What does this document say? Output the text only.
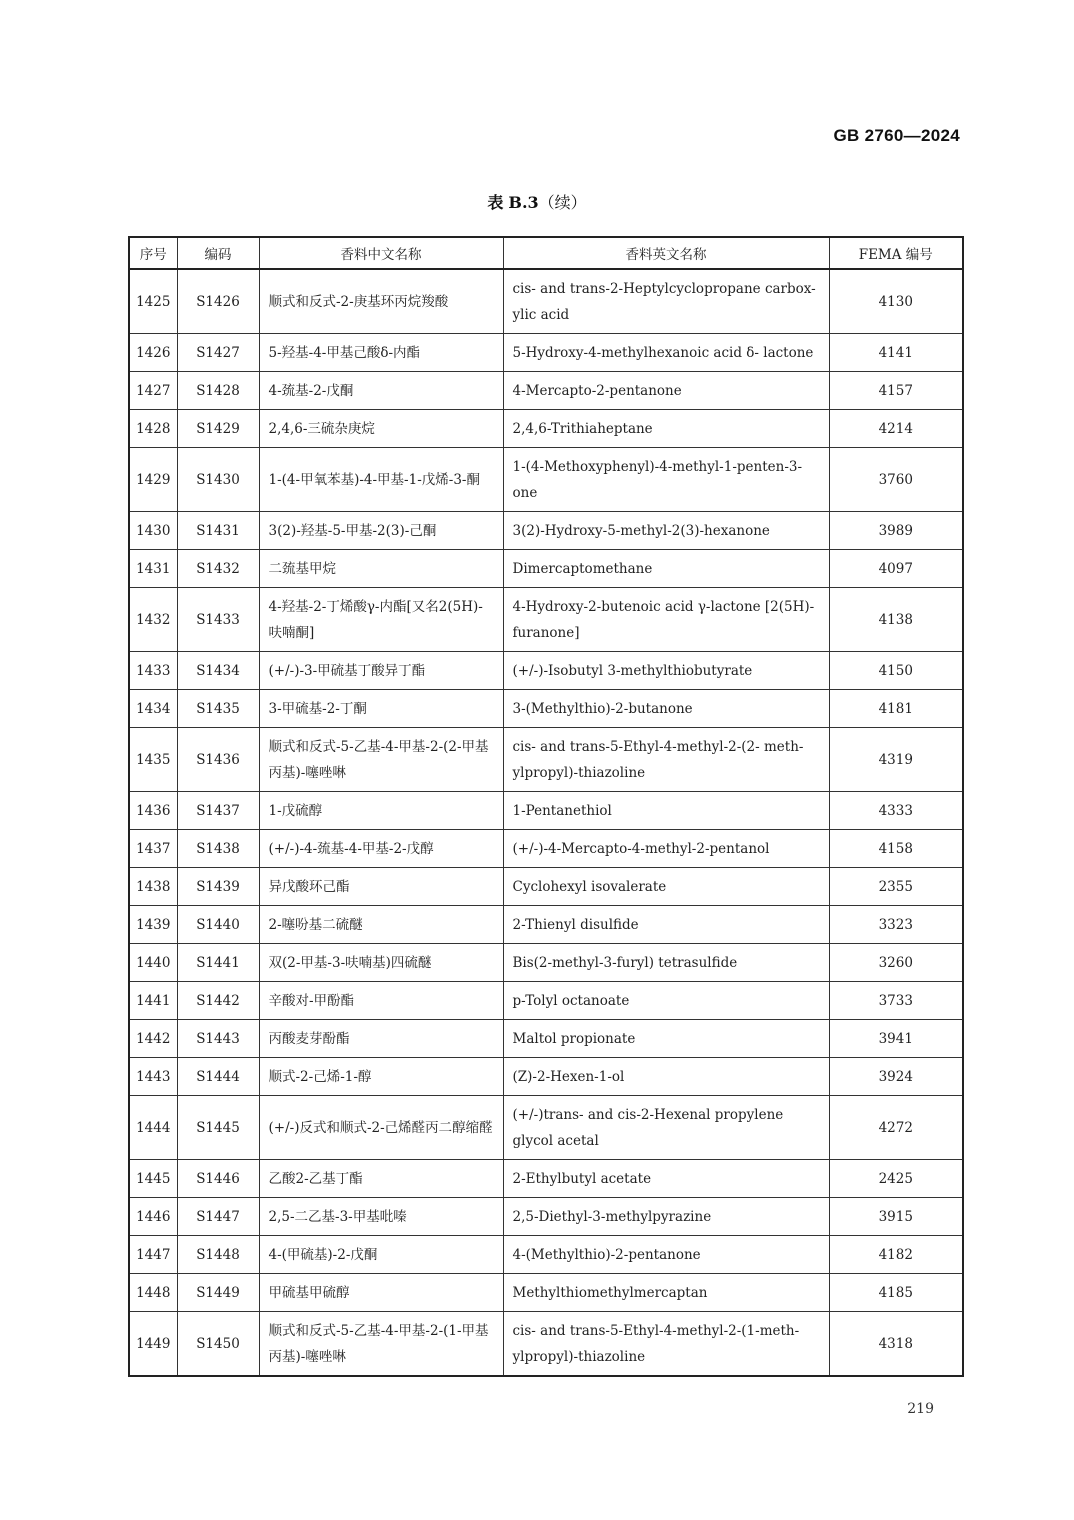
GB 2760—2024
表 B.3（续）
序号	编码	香料中文名称	香料英文名称	FEMA 编号
1425	S1426	顺式和反式-2-庚基环丙烷羧酸	cis- and trans-2-Heptylcyclopropane carbox-ylic acid	4130
1426	S1427	5-羟基-4-甲基己酸δ-内酯	5-Hydroxy-4-methylhexanoic acid δ- lactone	4141
1427	S1428	4-巯基-2-戊酮	4-Mercapto-2-pentanone	4157
1428	S1429	2,4,6-三硫杂庚烷	2,4,6-Trithiaheptane	4214
1429	S1430	1-(4-甲氧苯基)-4-甲基-1-戊烯-3-酮	1-(4-Methoxyphenyl)-4-methyl-1-penten-3-one	3760
1430	S1431	3(2)-羟基-5-甲基-2(3)-己酮	3(2)-Hydroxy-5-methyl-2(3)-hexanone	3989
1431	S1432	二巯基甲烷	Dimercaptomethane	4097
1432	S1433	4-羟基-2-丁烯酸γ-内酯[又名2(5H)-呋喃酮]	4-Hydroxy-2-butenoic acid γ-lactone [2(5H)-furanone]	4138
1433	S1434	(+/-)-3-甲硫基丁酸异丁酯	(+/-)-Isobutyl 3-methylthiobutyrate	4150
1434	S1435	3-甲硫基-2-丁酮	3-(Methylthio)-2-butanone	4181
1435	S1436	顺式和反式-5-乙基-4-甲基-2-(2-甲基丙基)-噻唑啉	cis- and trans-5-Ethyl-4-methyl-2-(2- meth-ylpropyl)-thiazoline	4319
1436	S1437	1-戊硫醇	1-Pentanethiol	4333
1437	S1438	(+/-)-4-巯基-4-甲基-2-戊醇	(+/-)-4-Mercapto-4-methyl-2-pentanol	4158
1438	S1439	异戊酸环己酯	Cyclohexyl isovalerate	2355
1439	S1440	2-噻吩基二硫醚	2-Thienyl disulfide	3323
1440	S1441	双(2-甲基-3-呋喃基)四硫醚	Bis(2-methyl-3-furyl) tetrasulfide	3260
1441	S1442	辛酸对-甲酚酯	p-Tolyl octanoate	3733
1442	S1443	丙酸麦芽酚酯	Maltol propionate	3941
1443	S1444	顺式-2-己烯-1-醇	(Z)-2-Hexen-1-ol	3924
1444	S1445	(+/-)反式和顺式-2-己烯醛丙二醇缩醛	(+/-)trans- and cis-2-Hexenal propylene glycol acetal	4272
1445	S1446	乙酸2-乙基丁酯	2-Ethylbutyl acetate	2425
1446	S1447	2,5-二乙基-3-甲基吡嗪	2,5-Diethyl-3-methylpyrazine	3915
1447	S1448	4-(甲硫基)-2-戊酮	4-(Methylthio)-2-pentanone	4182
1448	S1449	甲硫基甲硫醇	Methylthiomethylmercaptan	4185
1449	S1450	顺式和反式-5-乙基-4-甲基-2-(1-甲基丙基)-噻唑啉	cis- and trans-5-Ethyl-4-methyl-2-(1-meth-ylpropyl)-thiazoline	4318
219
